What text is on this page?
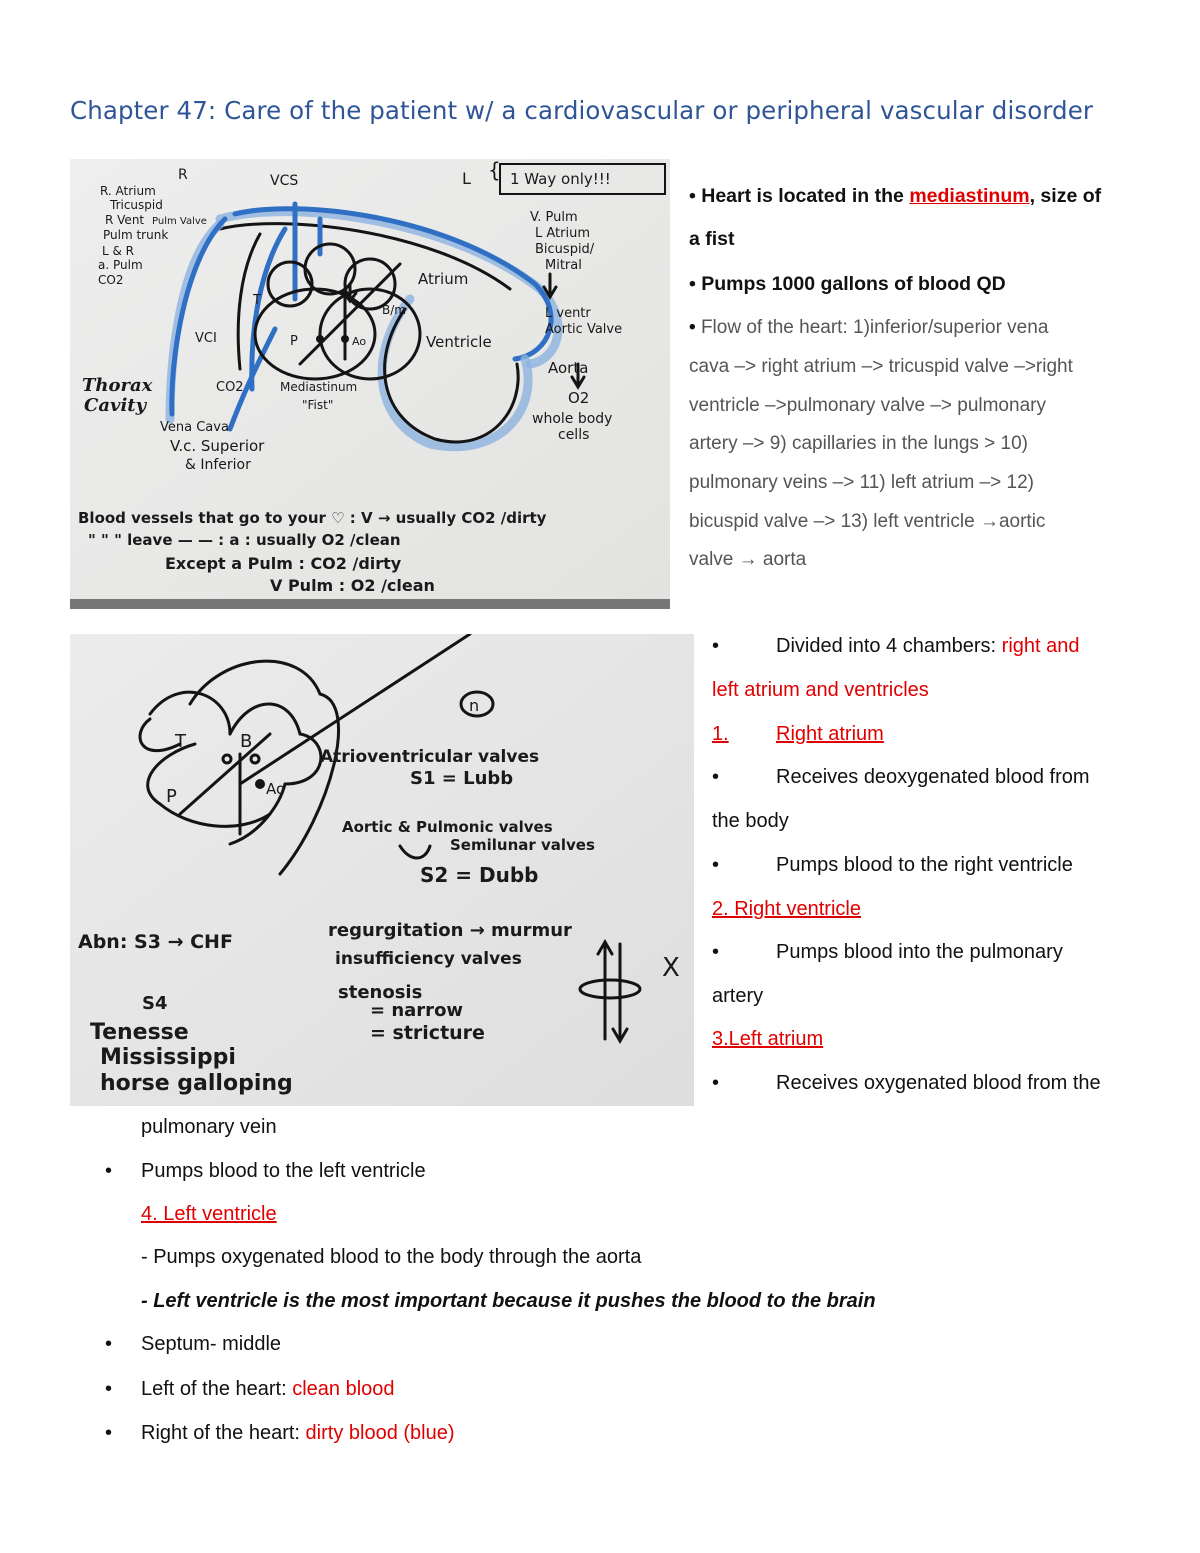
Chapter 47: Care of the patient w/ a cardiovascular or peripheral vascular disorder
R
R. Atrium
Tricuspid
R Vent Pulm Valve
Pulm trunk
L & R
a. Pulm
CO2
VCS	L { 1 Way only!!!
V. Pulm
L Atrium
Bicuspid/
Mitral
L ventr
Aortic Valve
Aorta
O2
whole body
cells
Atrium
Ventricle
B/m
T
P	Ao
VCI
CO2	Mediastinum
"Fist"
Thorax
Cavity
Vena Cava
V.c. Superior
& Inferior
Blood vessels that go to your ♡ : V → usually CO2 /dirty
" " " leave — — : a : usually O2 /clean
Except a Pulm : CO2 /dirty
V Pulm : O2 /clean
T	B
P	Ao
n
Atrioventricular valves
S1 = Lubb
Aortic & Pulmonic valves
Semilunar valves
S2 = Dubb
Abn: S3 → CHF
regurgitation → murmur
insufficiency valves
stenosis
= narrow
= stricture
S4
Tenesse
Mississippi
horse galloping
X
• Heart is located in the mediastinum, size of
a fist
• Pumps 1000 gallons of blood QD
• Flow of the heart: 1)inferior/superior vena
cava –> right atrium –> tricuspid valve –>right
ventricle –>pulmonary valve –> pulmonary
artery –> 9) capillaries in the lungs > 10)
pulmonary veins –> 11) left atrium –> 12)
bicuspid valve –> 13) left ventricle →aortic
valve → aorta
•
Divided into 4 chambers: right and
left atrium and ventricles
1. Right atrium
•
Receives deoxygenated blood from
the body
•
Pumps blood to the right ventricle
2. Right ventricle
•
Pumps blood into the pulmonary
artery
3.Left atrium
•
Receives oxygenated blood from the
pulmonary vein
•
Pumps blood to the left ventricle
4. Left ventricle
- Pumps oxygenated blood to the body through the aorta
- Left ventricle is the most important because it pushes the blood to the brain
•
Septum- middle
•
Left of the heart: clean blood
•
Right of the heart: dirty blood (blue)
